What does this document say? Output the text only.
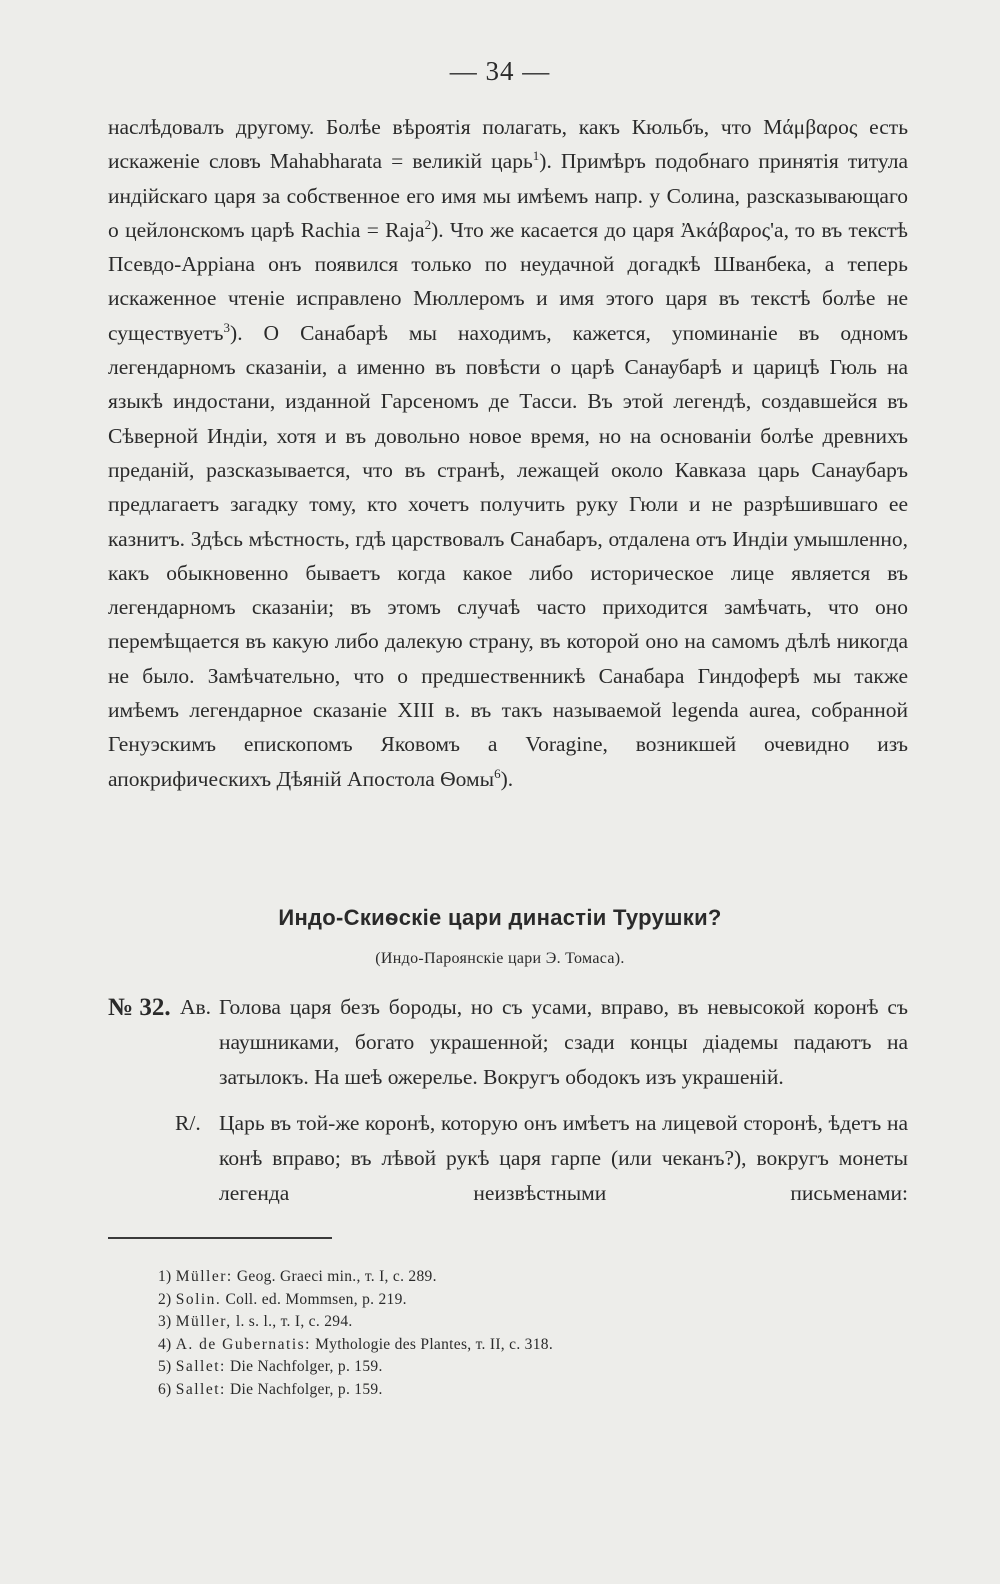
— 34 —

наслѣдовалъ другому. Болѣе вѣроятія полагать, какъ Кюльбъ, что Μάμβαρος есть искаженіе словъ Mahabharata = великій царь$^1$). Примѣръ подобнаго принятія титула индійскаго царя за собственное его имя мы имѣемъ напр. у Солина, разсказывающаго о цейлонскомъ царѣ Rachia = Raja$^2$). Что же касается до царя Ἀκάβαρος'а, то въ текстѣ Псевдо-Арріана онъ появился только по неудачной догадкѣ Шванбека, а теперь искаженное чтеніе исправлено Мюллеромъ и имя этого царя въ текстѣ болѣе не существуетъ$^3$). О Санабарѣ мы находимъ, кажется, упоминаніе въ одномъ легендарномъ сказаніи, а именно въ повѣсти о царѣ Санаубарѣ и царицѣ Гюль на языкѣ индостани, изданной Гарсеномъ де Тасси. Въ этой легендѣ, создавшейся въ Сѣверной Индіи, хотя и въ довольно новое время, но на основаніи болѣе древнихъ преданій, разсказывается, что въ странѣ, лежащей около Кавказа царь Санаубаръ предлагаетъ загадку тому, кто хочетъ получить руку Гюли и не разрѣшившаго ее казнитъ. Здѣсь мѣстность, гдѣ царствовалъ Санабаръ, отдалена отъ Индіи умышленно, какъ обыкновенно бываетъ когда какое либо историческое лице является въ легендарномъ сказаніи; въ этомъ случаѣ часто приходится замѣчать, что оно перемѣщается въ какую либо далекую страну, въ которой оно на самомъ дѣлѣ никогда не было. Замѣчательно, что о предшественникѣ Санабара Гиндоферѣ мы также имѣемъ легендарное сказаніе XIII в. въ такъ называемой legenda aurea, собранной Генуэскимъ епископомъ Яковомъ а Voragine, возникшей очевидно изъ апокрифическихъ Дѣяній Апостола Ѳомы$^6$).

Индо-Скиѳскіе цари династіи Турушки?
(Индо-Пароянскіе цари Э. Томаса).
№ 32. Ав. Голова царя безъ бороды, но съ усами, вправо, въ невысокой коронѣ съ наушниками, богато украшенной; сзади концы діадемы падаютъ на затылокъ. На шеѣ ожерелье. Вокругъ ободокъ изъ украшеній.
R/. Царь въ той-же коронѣ, которую онъ имѣетъ на лицевой сторонѣ, ѣдетъ на конѣ вправо; въ лѣвой рукѣ царя гарпе (или чеканъ?), вокругъ монеты легенда неизвѣстными письменами:
1) Müller: Geog. Graeci min., т. I, с. 289.
2) Solin. Coll. ed. Mommsen, p. 219.
3) Müller, l. s. l., т. I, с. 294.
4) A. de Gubernatis: Mythologie des Plantes, т. II, с. 318.
5) Sallet: Die Nachfolger, p. 159.
6) Sallet: Die Nachfolger, p. 159.
